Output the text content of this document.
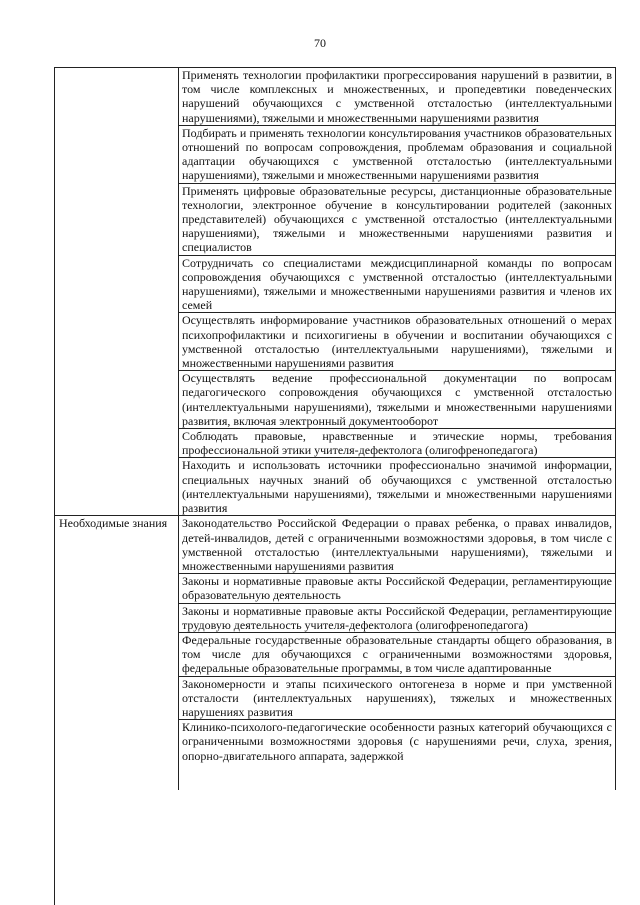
70
Применять технологии профилактики прогрессирования нарушений в развитии, в том числе комплексных и множественных, и пропедевтики поведенческих нарушений обучающихся с умственной отсталостью (интеллектуальными нарушениями), тяжелыми и множественными нарушениями развития
Подбирать и применять технологии консультирования участников образовательных отношений по вопросам сопровождения, проблемам образования и социальной адаптации обучающихся с умственной отсталостью (интеллектуальными нарушениями), тяжелыми и множественными нарушениями развития
Применять цифровые образовательные ресурсы, дистанционные образовательные технологии, электронное обучение в консультировании родителей (законных представителей) обучающихся с умственной отсталостью (интеллектуальными нарушениями), тяжелыми и множественными нарушениями развития и специалистов
Сотрудничать со специалистами междисциплинарной команды по вопросам сопровождения обучающихся с умственной отсталостью (интеллектуальными нарушениями), тяжелыми и множественными нарушениями развития и членов их семей
Осуществлять информирование участников образовательных отношений о мерах психопрофилактики и психогигиены в обучении и воспитании обучающихся с умственной отсталостью (интеллектуальными нарушениями), тяжелыми и множественными нарушениями развития
Осуществлять ведение профессиональной документации по вопросам педагогического сопровождения обучающихся с умственной отсталостью (интеллектуальными нарушениями), тяжелыми и множественными нарушениями развития, включая электронный документооборот
Соблюдать правовые, нравственные и этические нормы, требования профессиональной этики учителя-дефектолога (олигофренопедагога)
Находить и использовать источники профессионально значимой информации, специальных научных знаний об обучающихся с умственной отсталостью (интеллектуальными нарушениями), тяжелыми и множественными нарушениями развития
Необходимые знания	Законодательство Российской Федерации о правах ребенка, о правах инвалидов, детей-инвалидов, детей с ограниченными возможностями здоровья, в том числе с умственной отсталостью (интеллектуальными нарушениями), тяжелыми и множественными нарушениями развития
Законы и нормативные правовые акты Российской Федерации, регламентирующие образовательную деятельность
Законы и нормативные правовые акты Российской Федерации, регламентирующие трудовую деятельность учителя-дефектолога (олигофренопедагога)
Федеральные государственные образовательные стандарты общего образования, в том числе для обучающихся с ограниченными возможностями здоровья, федеральные образовательные программы, в том числе адаптированные
Закономерности и этапы психического онтогенеза в норме и при умственной отсталости (интеллектуальных нарушениях), тяжелых и множественных нарушениях развития
Клинико-психолого-педагогические особенности разных категорий обучающихся с ограниченными возможностями здоровья (с нарушениями речи, слуха, зрения, опорно-двигательного аппарата, задержкой
